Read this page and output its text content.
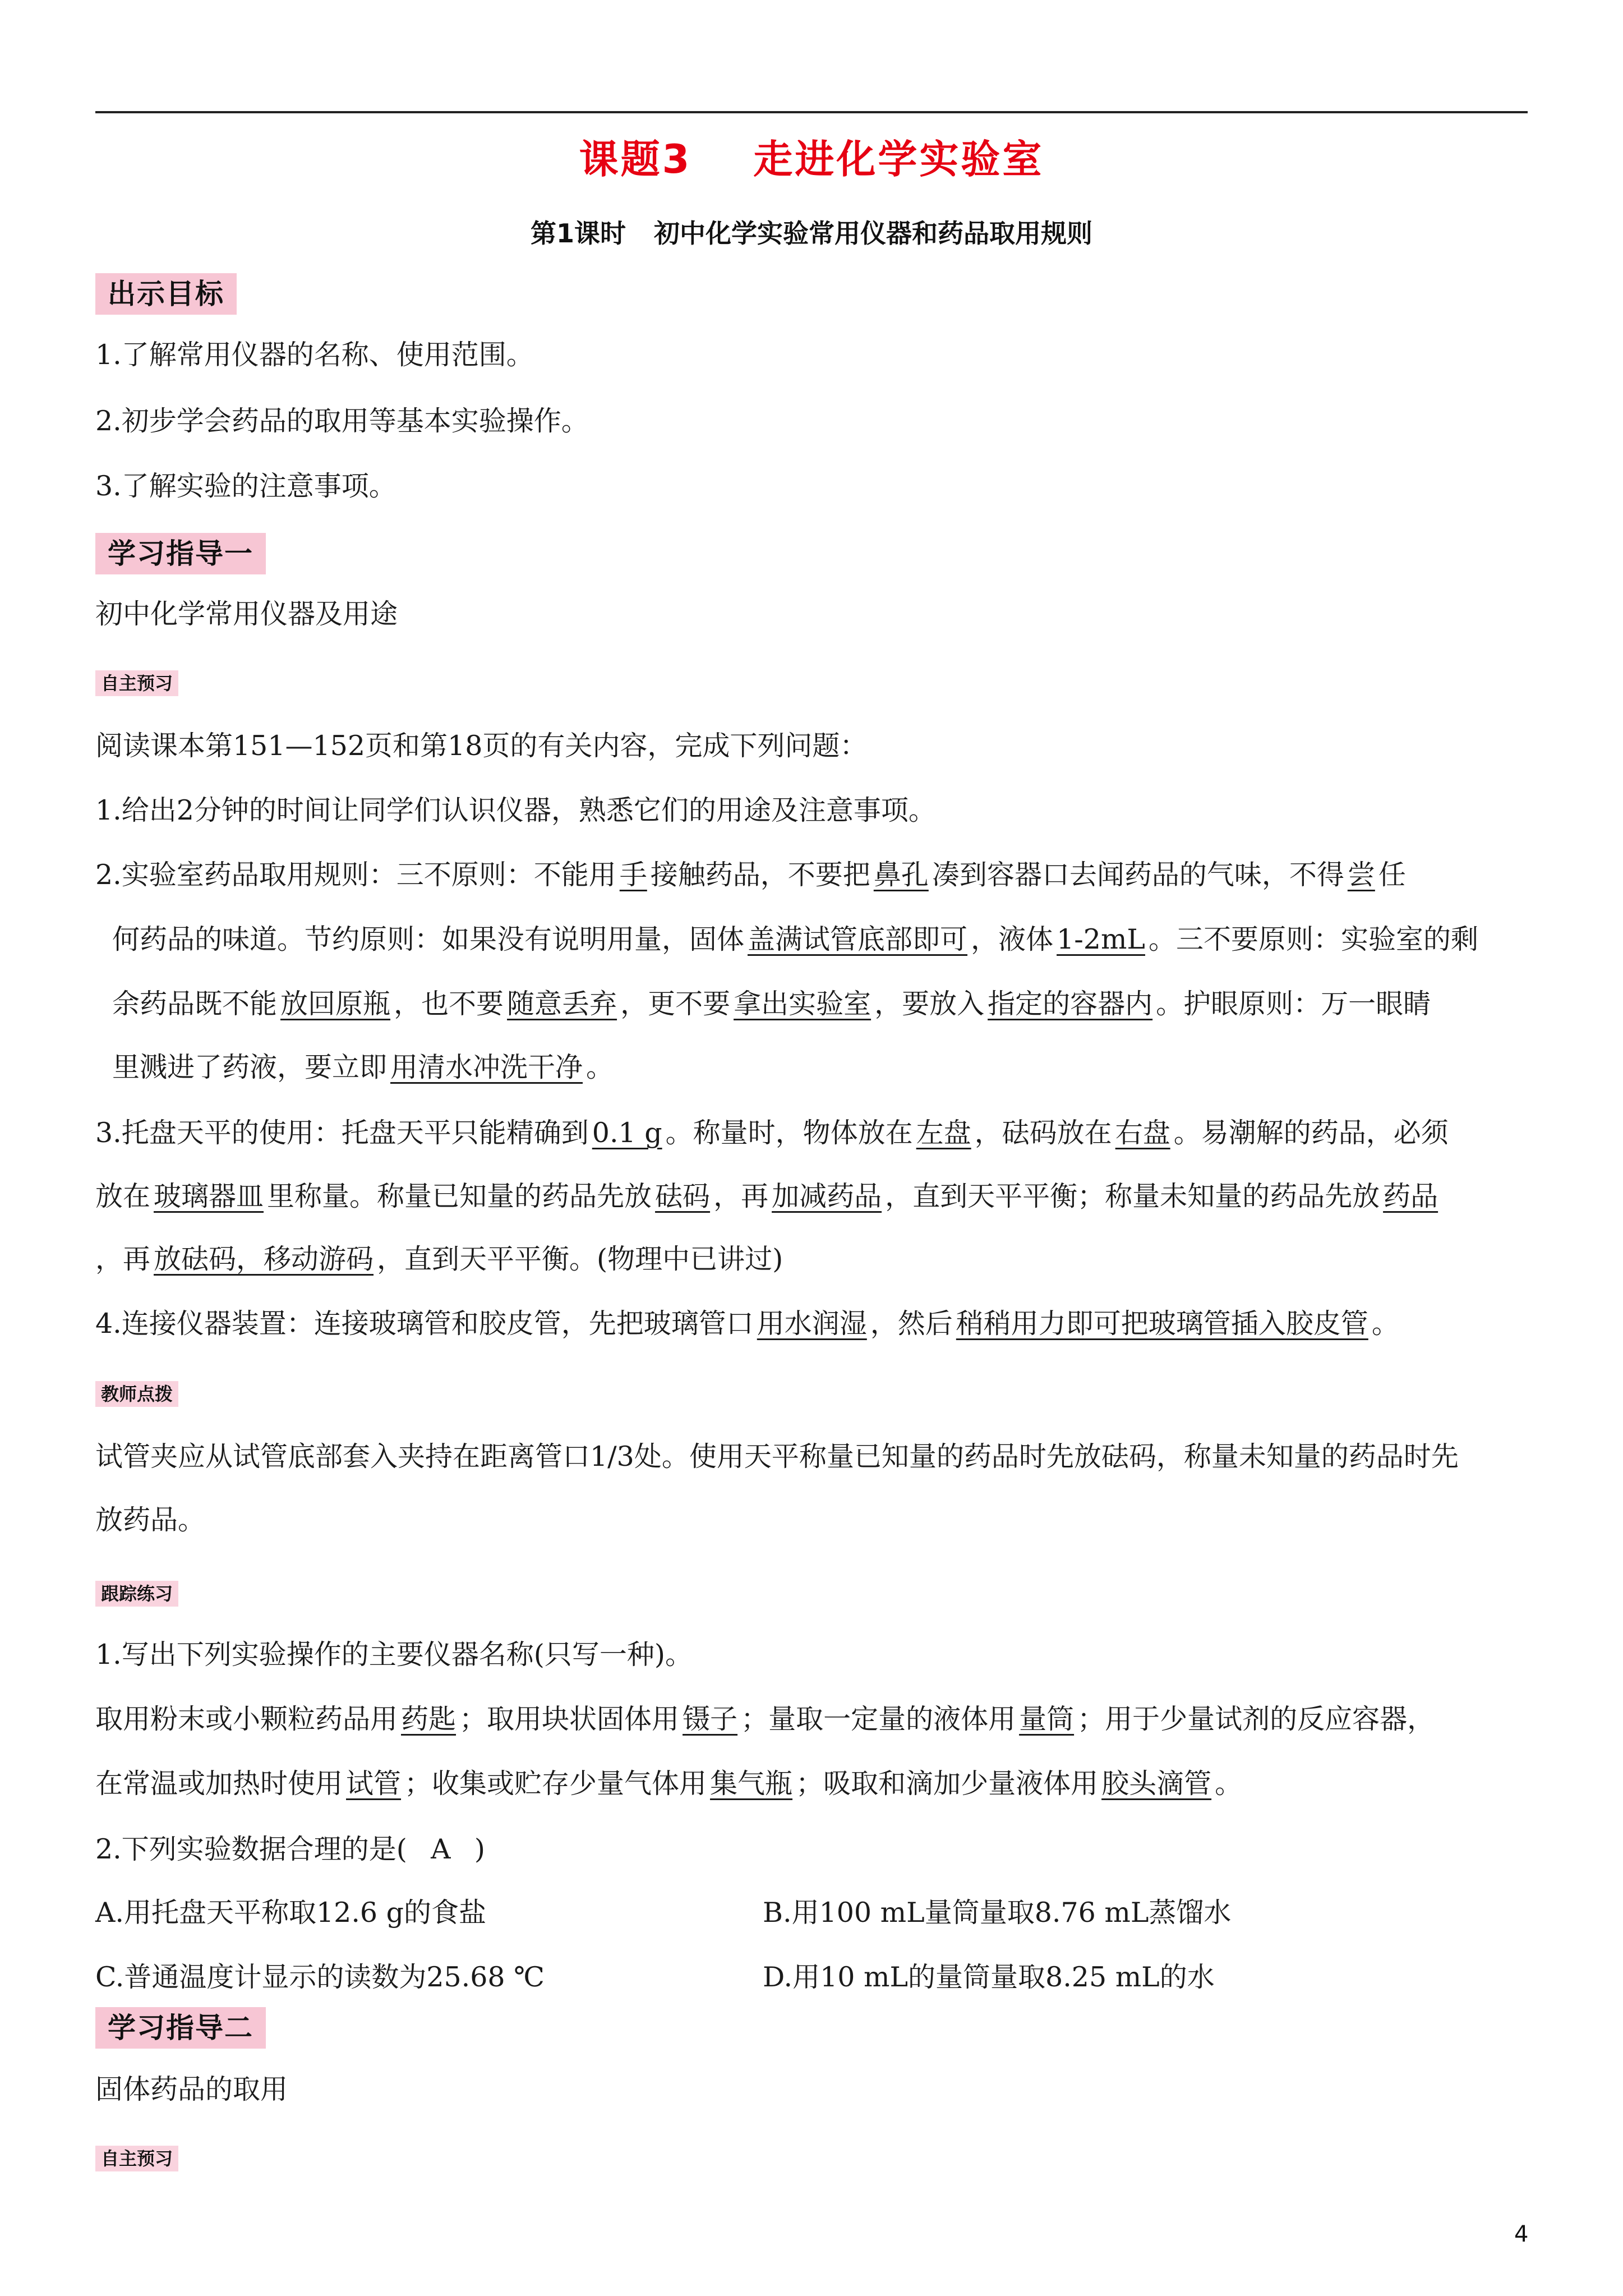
课题3 走进化学实验室
第1课时 初中化学实验常用仪器和药品取用规则
出示目标
1.了解常用仪器的名称、使用范围。
2.初步学会药品的取用等基本实验操作。
3.了解实验的注意事项。
学习指导一
初中化学常用仪器及用途
自主预习
阅读课本第151—152页和第18页的有关内容，完成下列问题：
1.给出2分钟的时间让同学们认识仪器，熟悉它们的用途及注意事项。
2.实验室药品取用规则：三不原则：不能用 手 接触药品，不要把 鼻孔 凑到容器口去闻药品的气味，不得 尝 任
何药品的味道。节约原则：如果没有说明用量，固体 盖满试管底部即可 ，液体 1-2mL 。三不要原则：实验室的剩
余药品既不能 放回原瓶 ，也不要 随意丢弃 ，更不要 拿出实验室 ，要放入 指定的容器内 。护眼原则：万一眼睛
里溅进了药液，要立即 用清水冲洗干净 。
3.托盘天平的使用：托盘天平只能精确到 0.1 g 。称量时，物体放在 左盘 ，砝码放在 右盘 。易潮解的药品，必须
放在 玻璃器皿 里称量。称量已知量的药品先放 砝码 ，再 加减药品 ，直到天平平衡；称量未知量的药品先放 药品
，再 放砝码，移动游码 ，直到天平平衡。(物理中已讲过)
4.连接仪器装置：连接玻璃管和胶皮管，先把玻璃管口 用水润湿 ，然后 稍稍用力即可把玻璃管插入胶皮管 。
教师点拨
试管夹应从试管底部套入夹持在距离管口1/3处。使用天平称量已知量的药品时先放砝码，称量未知量的药品时先
放药品。
跟踪练习
1.写出下列实验操作的主要仪器名称(只写一种)。
取用粉末或小颗粒药品用 药匙 ；取用块状固体用 镊子 ；量取一定量的液体用 量筒 ；用于少量试剂的反应容器，
在常温或加热时使用 试管 ；收集或贮存少量气体用 集气瓶 ；吸取和滴加少量液体用 胶头滴管 。
2.下列实验数据合理的是( A )
A.用托盘天平称取12.6 g的食盐	B.用100 mL量筒量取8.76 mL蒸馏水
C.普通温度计显示的读数为25.68 ℃	D.用10 mL的量筒量取8.25 mL的水
学习指导二
固体药品的取用
自主预习
4
